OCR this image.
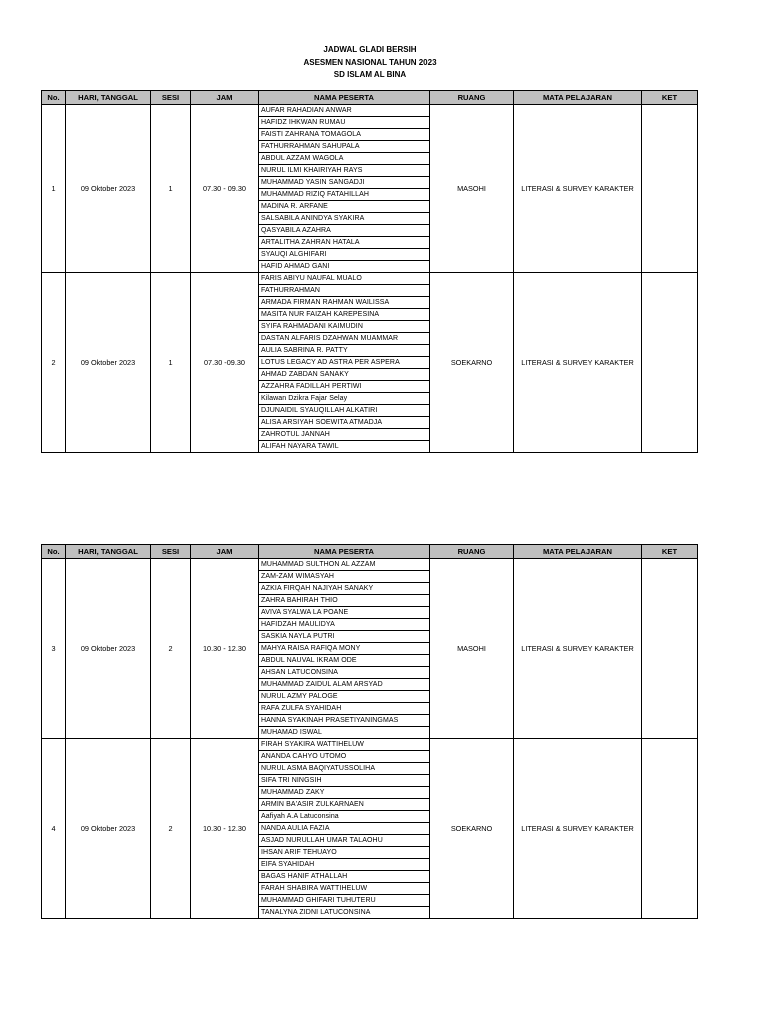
JADWAL GLADI BERSIH
ASESMEN NASIONAL TAHUN 2023
SD ISLAM AL BINA
No.	HARI, TANGGAL	SESI	JAM	NAMA PESERTA	RUANG	MATA PELAJARAN	KET
1	09 Oktober 2023	1	07.30 - 09.30	AUFAR RAHADIAN ANWAR	MASOHI	LITERASI & SURVEY KARAKTER	
				HAFIDZ IHKWAN RUMAU			
				FAISTI ZAHRANA TOMAGOLA			
				FATHURRAHMAN SAHUPALA			
				ABDUL AZZAM WAGOLA			
				NURUL ILMI KHAIRIYAH RAYS			
				MUHAMMAD YASIN SANGADJI			
				MUHAMMAD RIZIQ FATAHILLAH			
				MADINA R. ARFANE			
				SALSABILA ANINDYA SYAKIRA			
				QASYABILA AZAHRA			
				ARTALITHA ZAHRAN HATALA			
				SYAUQI ALGHIFARI			
				HAFID AHMAD GANI			
2	09 Oktober 2023	1	07.30 -09.30	FARIS ABIYU NAUFAL MUALO	SOEKARNO	LITERASI & SURVEY KARAKTER	
				FATHURRAHMAN			
				ARMADA FIRMAN RAHMAN WAILISSA			
				MASITA NUR FAIZAH KAREPESINA			
				SYIFA RAHMADANI KAIMUDIN			
				DASTAN ALFARIS DZAHWAN MUAMMAR			
				AULIA SABRINA R. PATTY			
				LOTUS LEGACY AD ASTRA PER ASPERA			
				AHMAD ZABDAN SANAKY			
				AZZAHRA FADILLAH PERTIWI			
				Kilawan Dzikra Fajar Selay			
				DJUNAIDIL SYAUQILLAH ALKATIRI			
				ALISA ARSIYAH SOEWITA ATMADJA			
				ZAHROTUL JANNAH			
				ALIFAH NAYARA TAWIL			
No.	HARI, TANGGAL	SESI	JAM	NAMA PESERTA	RUANG	MATA PELAJARAN	KET
3	09 Oktober 2023	2	10.30 - 12.30	MUHAMMAD SULTHON AL AZZAM	MASOHI	LITERASI & SURVEY KARAKTER	
				ZAM-ZAM WIMASYAH			
				AZKIA FIRQAH NAJIYAH SANAKY			
				ZAHRA BAHIRAH THIO			
				AVIVA SYALWA LA POANE			
				HAFIDZAH MAULIDYA			
				SASKIA NAYLA PUTRI			
				MAHYA RAISA RAFIQA MONY			
				ABDUL NAUVAL IKRAM ODE			
				AHSAN LATUCONSINA			
				MUHAMMAD ZAIDUL ALAM ARSYAD			
				NURUL AZMY PALOGE			
				RAFA ZULFA SYAHIDAH			
				HANNA SYAKINAH PRASETIYANINGMAS			
				MUHAMAD ISWAL			
4	09 Oktober 2023	2	10.30 - 12.30	FIRAH SYAKIRA WATTIHELUW	SOEKARNO	LITERASI & SURVEY KARAKTER	
				ANANDA CAHYO UTOMO			
				NURUL ASMA BAQIYATUSSOLIHA			
				SIFA TRI NINGSIH			
				MUHAMMAD ZAKY			
				ARMIN BA'ASIR ZULKARNAEN			
				Aafiyah A.A Latuconsina			
				NANDA AULIA FAZIA			
				ASJAD NURULLAH UMAR TALAOHU			
				IHSAN ARIF TEHUAYO			
				EIFA SYAHIDAH			
				BAGAS HANIF ATHALLAH			
				FARAH SHABIRA WATTIHELUW			
				MUHAMMAD GHIFARI TUHUTERU			
				TANALYNA ZIDNI LATUCONSINA			
